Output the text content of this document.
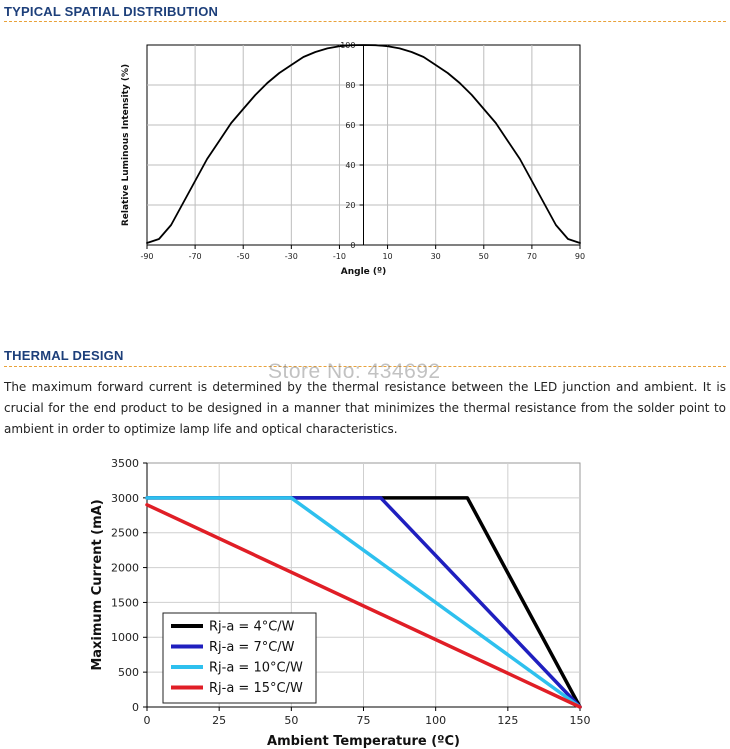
TYPICAL SPATIAL DISTRIBUTION
0
20
40
60
80
100
-90	-70	-50	-30	-10	10	30	50	70	90
Angle (º)
Relative Luminous Intensity (%)
THERMAL DESIGN
The maximum forward current is determined by the thermal resistance between the LED junction and ambient. It is crucial for the end product to be designed in a manner that minimizes the thermal resistance from the solder point to ambient in order to optimize lamp life and optical characteristics.
Store No: 434692
0
500
1000
1500
2000
2500
3000
3500
0	25	50	75	100	125	150
Ambient Temperature (ºC)
Maximum Current (mA)	Rj-a = 4°C/W
Rj-a = 7°C/W
Rj-a = 10°C/W
Rj-a = 15°C/W
